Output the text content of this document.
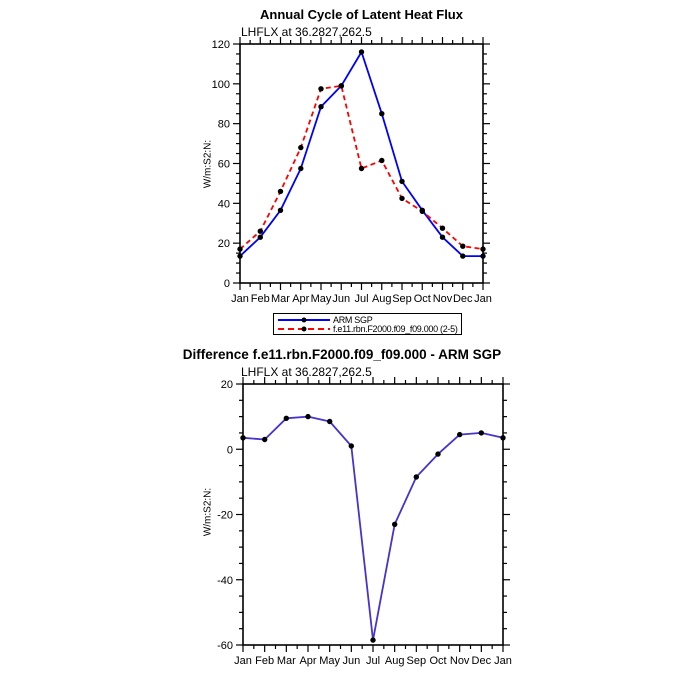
Annual Cycle of Latent Heat Flux
LHFLX at 36.2827,262.5
W/m:S2:N:
Jan Feb Mar Apr May Jun Jul Aug Sep Oct Nov Dec Jan
0
20
40
60
80
100
120
ARM SGP
f.e11.rbn.F2000.f09_f09.000 (2-5)
Difference f.e11.rbn.F2000.f09_f09.000 - ARM SGP
LHFLX at 36.2827,262.5
W/m:S2:N:
Jan Feb Mar Apr May Jun Jul Aug Sep Oct Nov Dec Jan
-60
-40
-20
0
20
